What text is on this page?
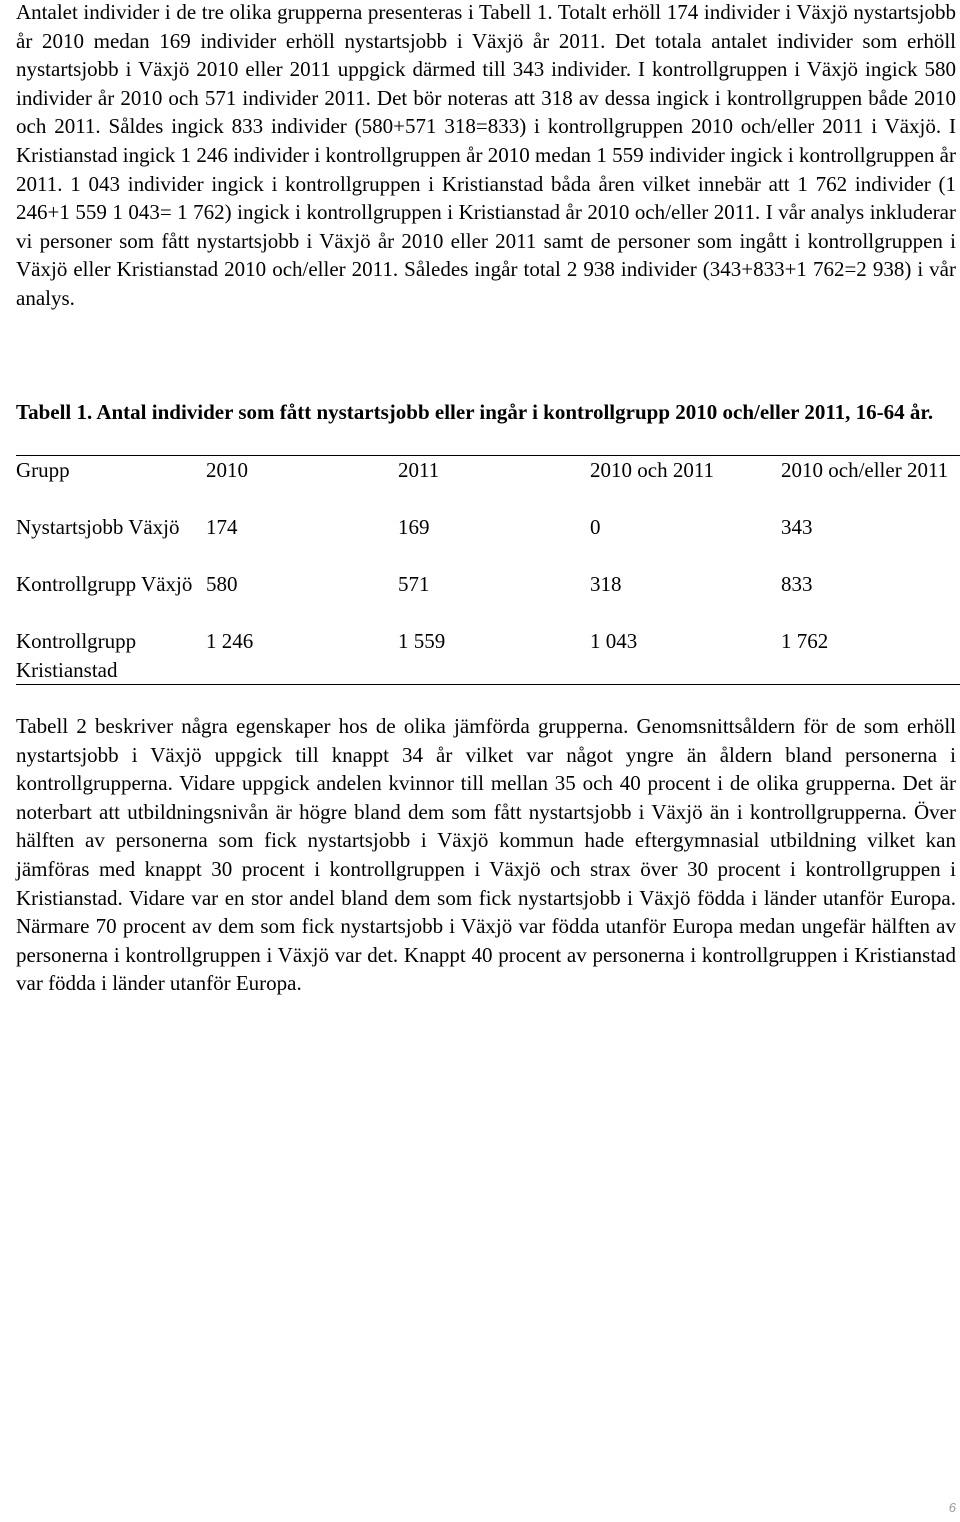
Antalet individer i de tre olika grupperna presenteras i Tabell 1. Totalt erhöll 174 individer i Växjö nystartsjobb år 2010 medan 169 individer erhöll nystartsjobb i Växjö år 2011. Det totala antalet individer som erhöll nystartsjobb i Växjö 2010 eller 2011 uppgick därmed till 343 individer. I kontrollgruppen i Växjö ingick 580 individer år 2010 och 571 individer 2011. Det bör noteras att 318 av dessa ingick i kontrollgruppen både 2010 och 2011. Såldes ingick 833 individer (580+571 318=833) i kontrollgruppen 2010 och/eller 2011 i Växjö. I Kristianstad ingick 1 246 individer i kontrollgruppen år 2010 medan 1 559 individer ingick i kontrollgruppen år 2011. 1 043 individer ingick i kontrollgruppen i Kristianstad båda åren vilket innebär att 1 762 individer (1 246+1 559 1 043= 1 762) ingick i kontrollgruppen i Kristianstad år 2010 och/eller 2011. I vår analys inkluderar vi personer som fått nystartsjobb i Växjö år 2010 eller 2011 samt de personer som ingått i kontrollgruppen i Växjö eller Kristianstad 2010 och/eller 2011. Således ingår total 2 938 individer (343+833+1 762=2 938) i vår analys.

Tabell 1. Antal individer som fått nystartsjobb eller ingår i kontrollgrupp 2010 och/eller 2011, 16-64 år.

Grupp	2010	2011	2010 och 2011	2010 och/eller 2011
Nystartsjobb Växjö	174	169	0	343
Kontrollgrupp Växjö	580	571	318	833
Kontrollgrupp Kristianstad	1 246	1 559	1 043	1 762

Tabell 2 beskriver några egenskaper hos de olika jämförda grupperna. Genomsnittsåldern för de som erhöll nystartsjobb i Växjö uppgick till knappt 34 år vilket var något yngre än åldern bland personerna i kontrollgrupperna. Vidare uppgick andelen kvinnor till mellan 35 och 40 procent i de olika grupperna. Det är noterbart att utbildningsnivån är högre bland dem som fått nystartsjobb i Växjö än i kontrollgrupperna. Över hälften av personerna som fick nystartsjobb i Växjö kommun hade eftergymnasial utbildning vilket kan jämföras med knappt 30 procent i kontrollgruppen i Växjö och strax över 30 procent i kontrollgruppen i Kristianstad. Vidare var en stor andel bland dem som fick nystartsjobb i Växjö födda i länder utanför Europa. Närmare 70 procent av dem som fick nystartsjobb i Växjö var födda utanför Europa medan ungefär hälften av personerna i kontrollgruppen i Växjö var det. Knappt 40 procent av personerna i kontrollgruppen i Kristianstad var födda i länder utanför Europa.

6
